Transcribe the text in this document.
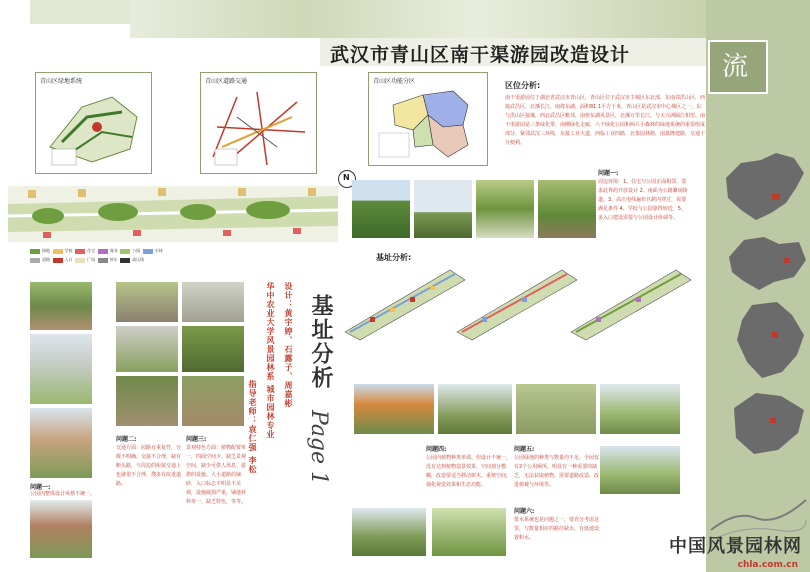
武汉市青山区南干渠游园改造设计	流
青山区绿地系统	青山区道路交通	青山区功能分区	区位分析:
南干渠游园位于湖北省武汉市青山区，青山区位于武汉市主城区东北部，东南邻洪山区，西接武昌区，北濒长江，南倚东湖，面积81.1平方千米，青山区是武汉市中心城区之一，东与洪山区接壤，西北武昌区毗邻，南傍东湖风景区，北濒万里长江，与天兴洲隔江相望。南干渠游园是三条绿化带，南侧绿化走廊，六个绿化公园和两片小森林的绿地系统的重要组成部分，紧邻武汉三环线，东接工业大道，西临工业四路，北靠园林路，南靠隆建路，交通十分便利。
N
绿地	学校	住宅	商业	公园	水体
道路	入口	广场	停车	高压线
问题一:
周边环境：1、住宅与公园正面相邻，要求此界的开放设计 2、南面为公路繁闹街道。3、高压电线遍布且跨内穿过，需要满足条件 4、学校与公园靠得较近，5、多入口建设需要与公园设计协调等。
基址分析:
设计：黄宇婷、石露子、周嘉彬
华中农业大学风景园林系 城市园林专业
指导老师：袁仁强 李松
基址分析
Page 1
问题二:
交通方面：园路有重复性，分级不明确，交接不合理，缺有断头路，与周边的衔接交通上也就很不合理，搜多有改进道路。
问题三:
景观特色方面：植物配置单一，四面空间少，缺乏景观空间，缺少可供人休息、游憩的设施、大小道路的铺砂，入口标志不明显不美观，设施破损严重，铺地材料单一，缺乏特色，等等。
问题一:
公园内整体设计风格不统一。
问题四:
公园内植物种类单调、但设计不统一，没有达到植物造景效果，空间划分模糊，改造要适当移动树木，重植空间，强化视觉效果和生态功能。
问题五:
公园绿地的种类与数量均不足，全园仅有2个公用厕所，明显有一种需要的缺乏，无法获取植物，需要道路改造，改进植被与环境等。
问题六:
排水系统也是问题之一，要充分考虑这里，与数量相应的路径缺水，有低地设置积水。	中国风景园林网
chla.com.cn
